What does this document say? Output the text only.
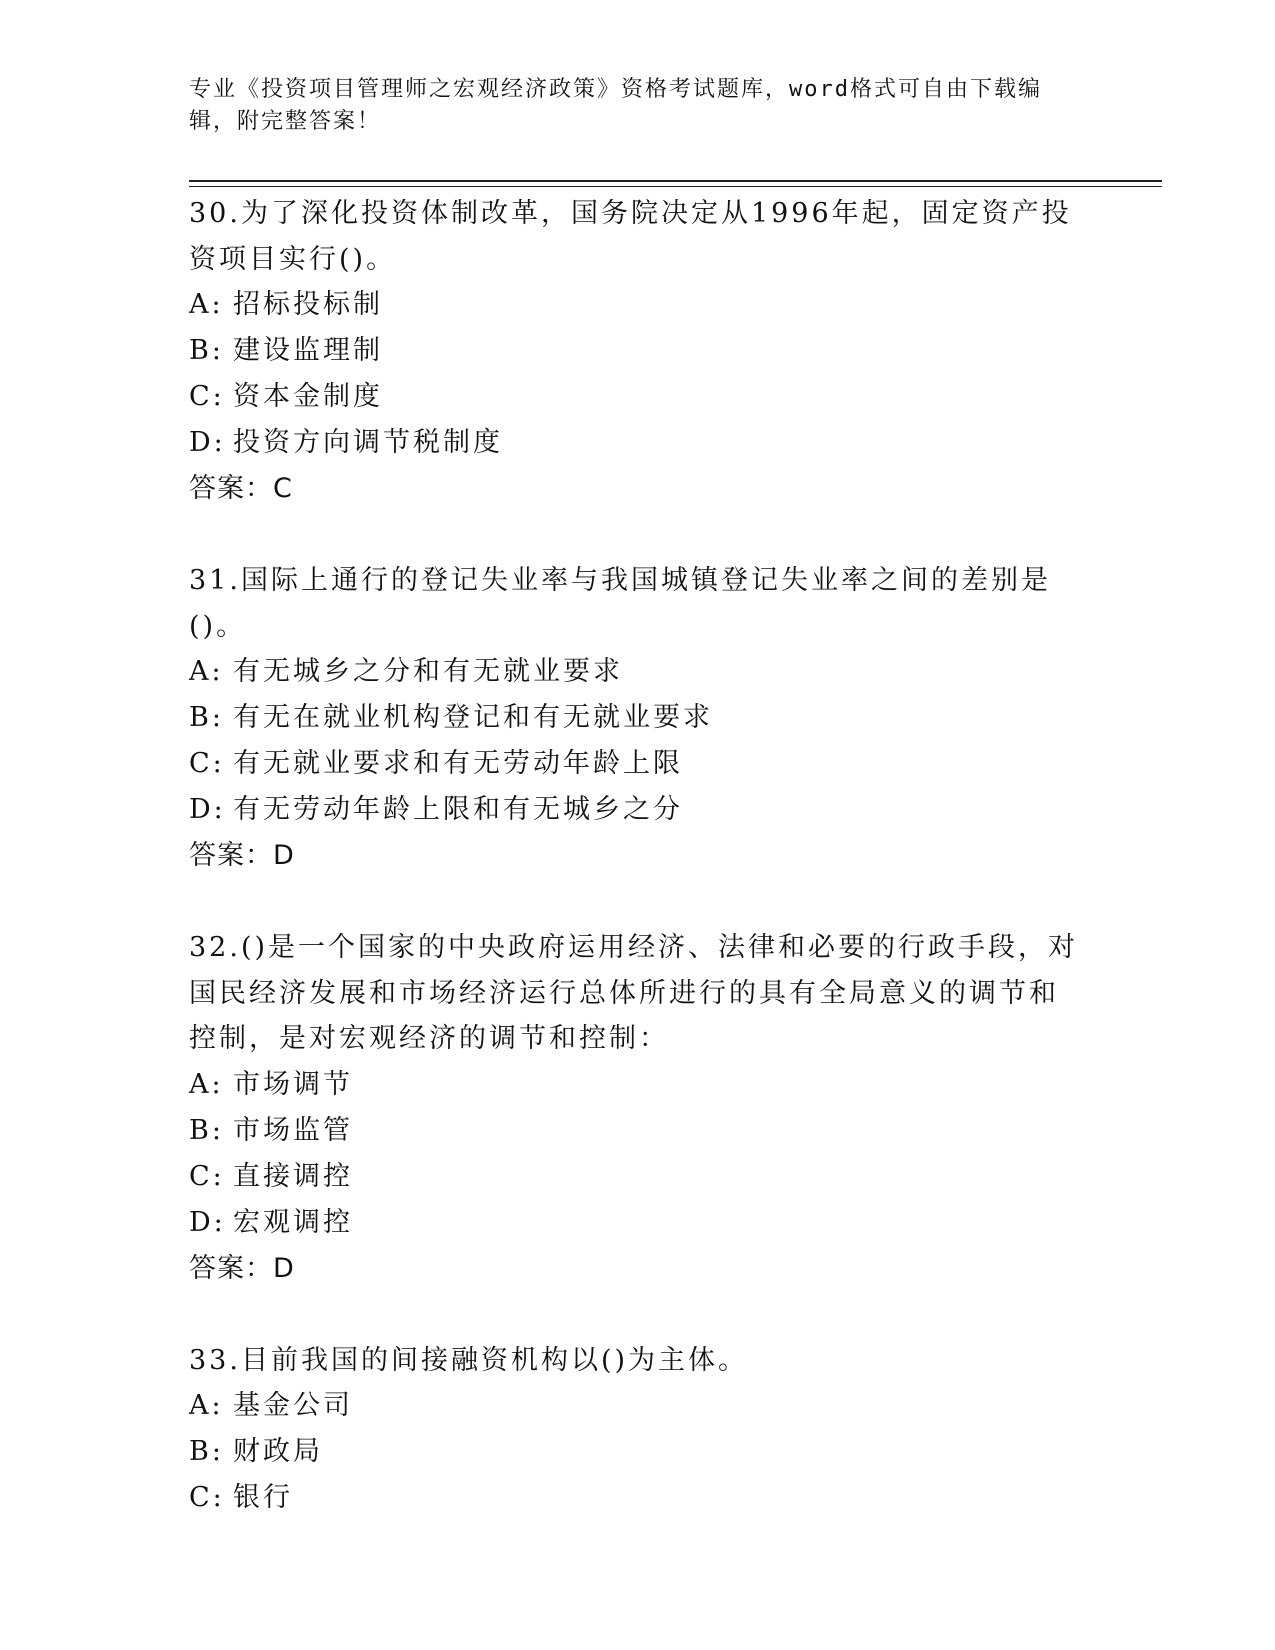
专业《投资项目管理师之宏观经济政策》资格考试题库，word格式可自由下载编辑，附完整答案！
30.为了深化投资体制改革，国务院决定从1996年起，固定资产投资项目实行()。
A: 招标投标制
B: 建设监理制
C: 资本金制度
D: 投资方向调节税制度
答案：C
31.国际上通行的登记失业率与我国城镇登记失业率之间的差别是()。
A: 有无城乡之分和有无就业要求
B: 有无在就业机构登记和有无就业要求
C: 有无就业要求和有无劳动年龄上限
D: 有无劳动年龄上限和有无城乡之分
答案：D
32.()是一个国家的中央政府运用经济、法律和必要的行政手段，对国民经济发展和市场经济运行总体所进行的具有全局意义的调节和控制，是对宏观经济的调节和控制：
A: 市场调节
B: 市场监管
C: 直接调控
D: 宏观调控
答案：D
33.目前我国的间接融资机构以()为主体。
A: 基金公司
B: 财政局
C: 银行
